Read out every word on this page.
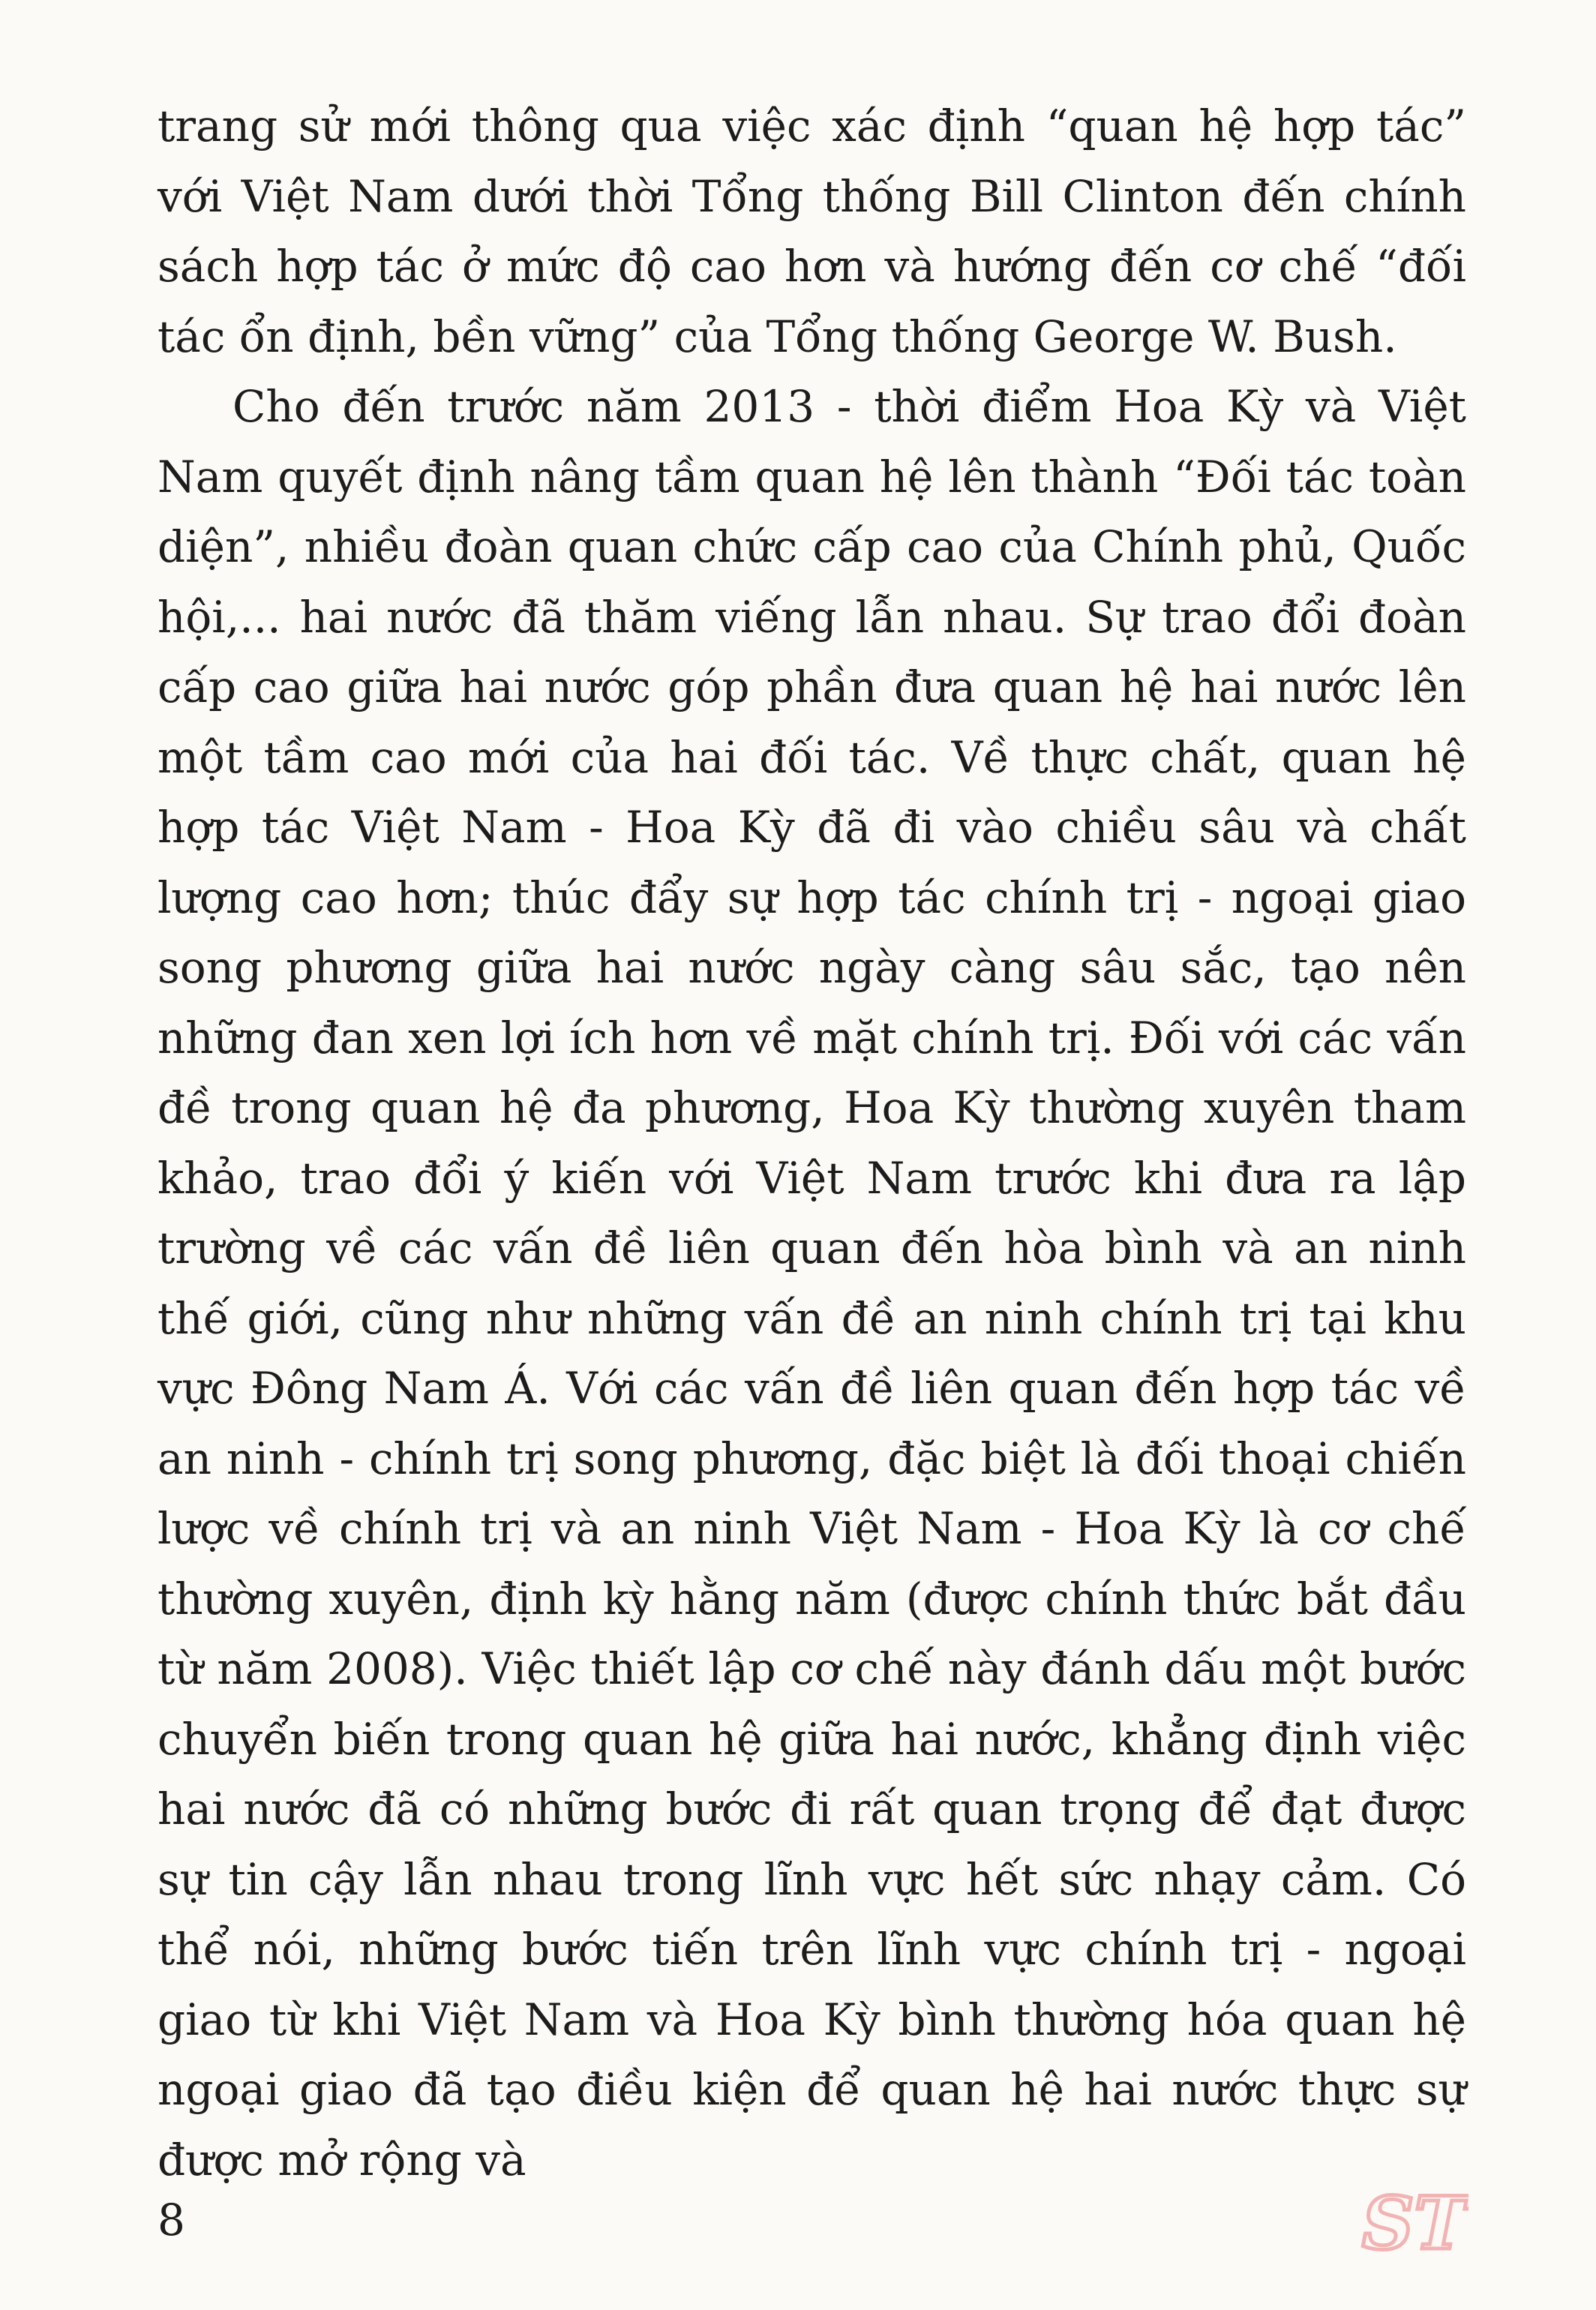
trang sử mới thông qua việc xác định “quan hệ hợp tác” với Việt Nam dưới thời Tổng thống Bill Clinton đến chính sách hợp tác ở mức độ cao hơn và hướng đến cơ chế “đối tác ổn định, bền vững” của Tổng thống George W. Bush.

Cho đến trước năm 2013 - thời điểm Hoa Kỳ và Việt Nam quyết định nâng tầm quan hệ lên thành “Đối tác toàn diện”, nhiều đoàn quan chức cấp cao của Chính phủ, Quốc hội,... hai nước đã thăm viếng lẫn nhau. Sự trao đổi đoàn cấp cao giữa hai nước góp phần đưa quan hệ hai nước lên một tầm cao mới của hai đối tác. Về thực chất, quan hệ hợp tác Việt Nam - Hoa Kỳ đã đi vào chiều sâu và chất lượng cao hơn; thúc đẩy sự hợp tác chính trị - ngoại giao song phương giữa hai nước ngày càng sâu sắc, tạo nên những đan xen lợi ích hơn về mặt chính trị. Đối với các vấn đề trong quan hệ đa phương, Hoa Kỳ thường xuyên tham khảo, trao đổi ý kiến với Việt Nam trước khi đưa ra lập trường về các vấn đề liên quan đến hòa bình và an ninh thế giới, cũng như những vấn đề an ninh chính trị tại khu vực Đông Nam Á. Với các vấn đề liên quan đến hợp tác về an ninh - chính trị song phương, đặc biệt là đối thoại chiến lược về chính trị và an ninh Việt Nam - Hoa Kỳ là cơ chế thường xuyên, định kỳ hằng năm (được chính thức bắt đầu từ năm 2008). Việc thiết lập cơ chế này đánh dấu một bước chuyển biến trong quan hệ giữa hai nước, khẳng định việc hai nước đã có những bước đi rất quan trọng để đạt được sự tin cậy lẫn nhau trong lĩnh vực hết sức nhạy cảm. Có thể nói, những bước tiến trên lĩnh vực chính trị - ngoại giao từ khi Việt Nam và Hoa Kỳ bình thường hóa quan hệ ngoại giao đã tạo điều kiện để quan hệ hai nước thực sự được mở rộng và

8	ST
